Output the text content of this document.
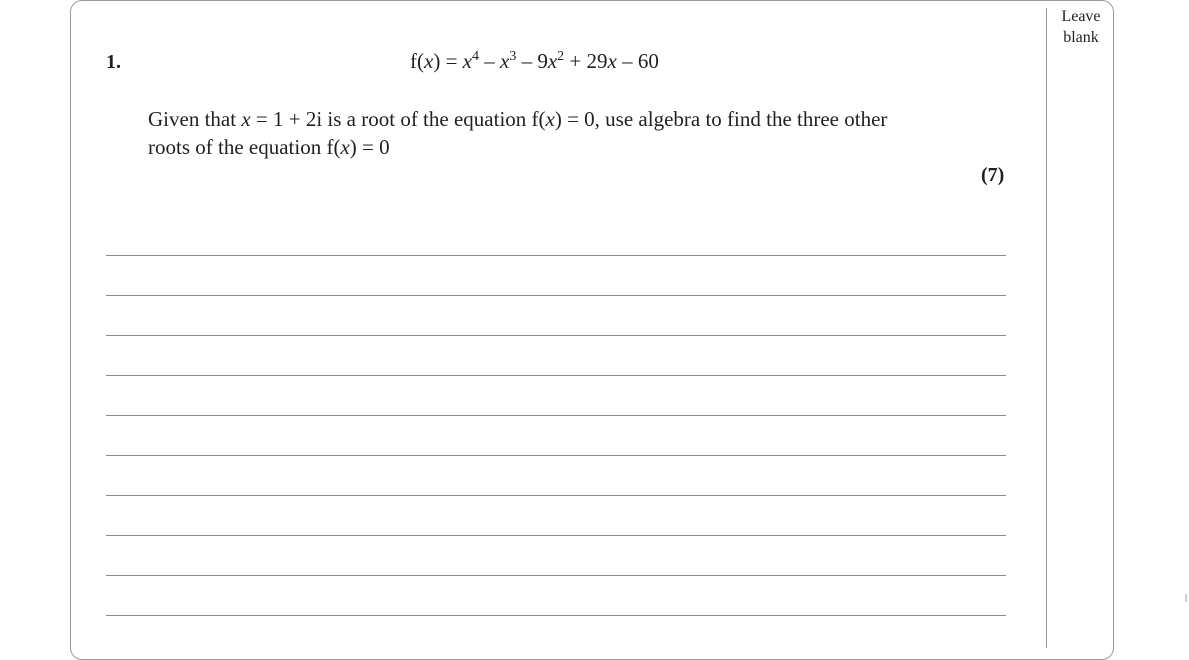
Leave
blank
1.	$f(x) = x^4 - x^3 - 9x^2 + 29x - 60$
Given that x = 1 + 2i is a root of the equation f(x) = 0, use algebra to find the three other
roots of the equation f(x) = 0
(7)
